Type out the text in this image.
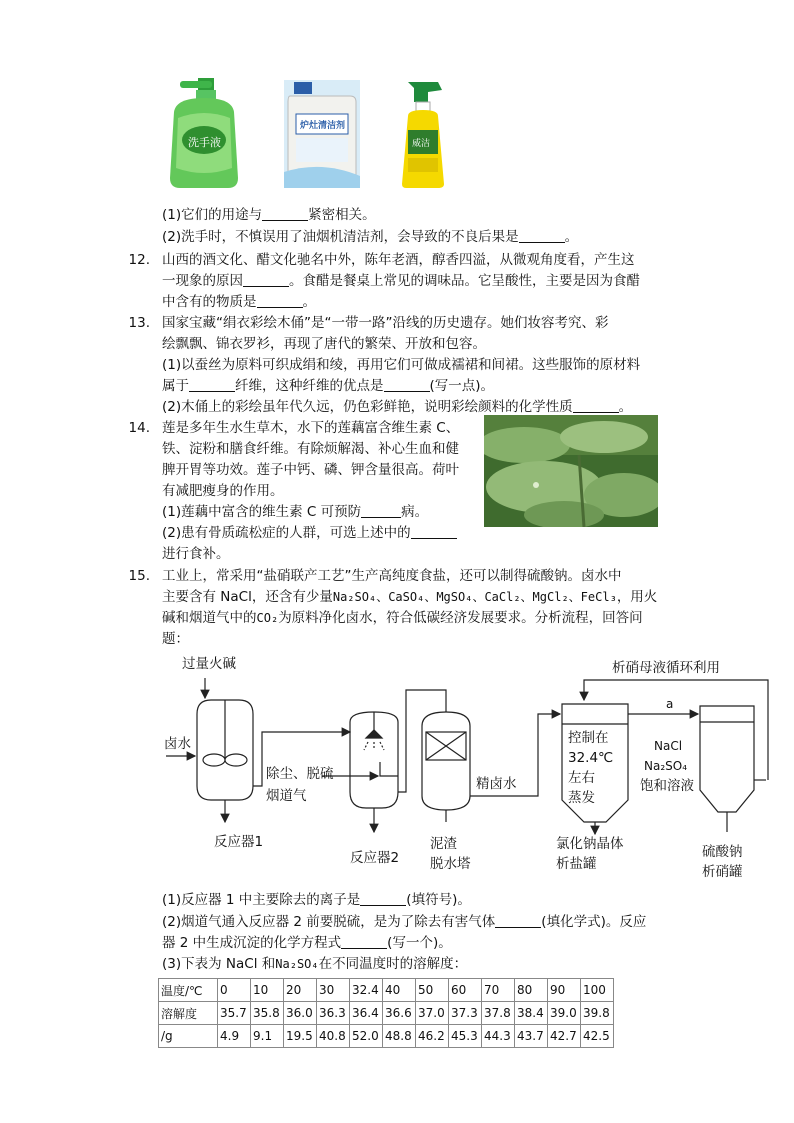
洗手液
炉灶清洁剂
威洁
(1)它们的用途与	紧密相关。
(2)洗手时，不慎误用了油烟机清洁剂，会导致的不良后果是	。
12. 山西的酒文化、醋文化驰名中外，陈年老酒，醇香四溢，从微观角度看，产生这
一现象的原因	。食醋是餐桌上常见的调味品。它呈酸性，主要是因为食醋
中含有的物质是	。
13. 国家宝藏“绢衣彩绘木俑”是“一带一路”沿线的历史遗存。她们妆容考究、彩
绘飘飘、锦衣罗衫，再现了唐代的繁荣、开放和包容。
(1)以蚕丝为原料可织成绢和绫，再用它们可做成襦裙和间裙。这些服饰的原材料
属于	纤维，这种纤维的优点是	(写一点)。
(2)木俑上的彩绘虽年代久远，仍色彩鲜艳，说明彩绘颜料的化学性质	。
14. 莲是多年生水生草木，水下的莲藕富含维生素 C、
铁、淀粉和膳食纤维。有除烦解渴、补心生血和健
脾开胃等功效。莲子中钙、磷、钾含量很高。荷叶
有减肥瘦身的作用。
(1)莲藕中富含的维生素 C 可预防	病。
(2)患有骨质疏松症的人群，可选上述中的
进行食补。
15. 工业上，常采用“盐硝联产工艺”生产高纯度食盐，还可以制得硫酸钠。卤水中
主要含有 NaCl，还含有少量Na₂SO₄、CaSO₄、MgSO₄、CaCl₂、MgCl₂、FeCl₃，用火
碱和烟道气中的CO₂为原料净化卤水，符合低碳经济发展要求。分析流程，回答问
题：
过量火碱
卤水
反应器1
除尘、脱硫
烟道气
反应器2
泥渣
脱水塔
精卤水
控制在
32.4℃
左右
蒸发
氯化钠晶体
析盐罐
析硝母液循环利用
a
NaCl
Na₂SO₄
饱和溶液
硫酸钠
析硝罐
(1)反应器 1 中主要除去的离子是	(填符号)。
(2)烟道气通入反应器 2 前要脱硫，是为了除去有害气体	(填化学式)。反应
器 2 中生成沉淀的化学方程式	(写一个)。
(3)下表为 NaCl 和Na₂SO₄在不同温度时的溶解度：
温度/℃	0	10	20	30	32.4	40	50	60	70	80	90	100
溶解度	35.7	35.8	36.0	36.3	36.4	36.6	37.0	37.3	37.8	38.4	39.0	39.8
/g	4.9	9.1	19.5	40.8	52.0	48.8	46.2	45.3	44.3	43.7	42.7	42.5
